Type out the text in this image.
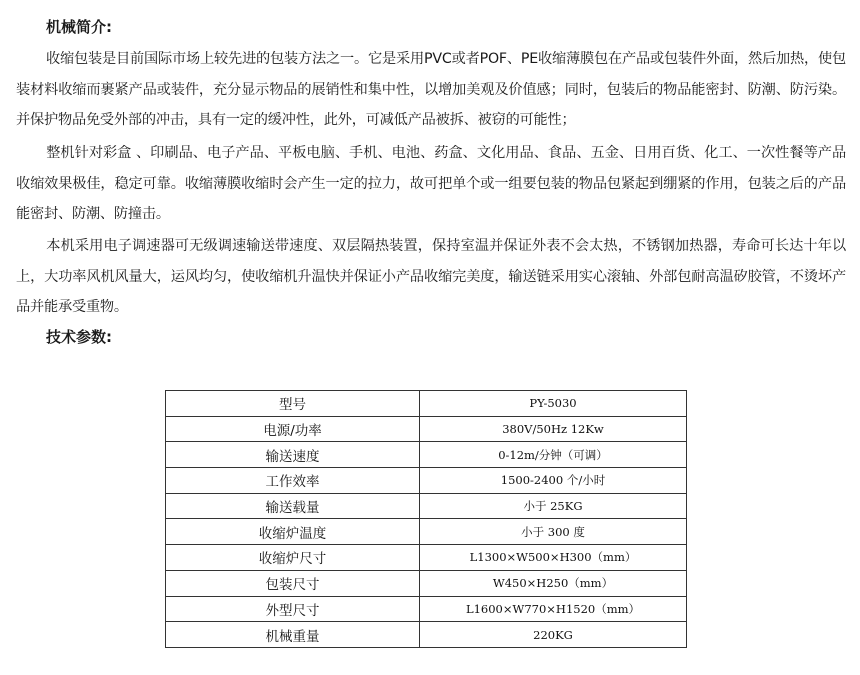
机械简介:

收缩包装是目前国际市场上较先进的包装方法之一。它是采用PVC或者POF、PE收缩薄膜包在产品或包装件外面，然后加热，使包装材料收缩而裹紧产品或装件，充分显示物品的展销性和集中性，以增加美观及价值感；同时，包装后的物品能密封、防潮、防污染。并保护物品免受外部的冲击，具有一定的缓冲性，此外，可减低产品被拆、被窃的可能性；

整机针对彩盒 、印刷品、电子产品、平板电脑、手机、电池、药盒、文化用品、食品、五金、日用百货、化工、一次性餐等产品收缩效果极佳，稳定可靠。收缩薄膜收缩时会产生一定的拉力，故可把单个或一组要包装的物品包紧起到绷紧的作用，包装之后的产品能密封、防潮、防撞击。

本机采用电子调速器可无级调速输送带速度、双层隔热装置，保持室温并保证外表不会太热，不锈钢加热器，寿命可长达十年以上，大功率风机风量大，运风均匀，使收缩机升温快并保证小产品收缩完美度，输送链采用实心滚轴、外部包耐高温矽胶管，不烫坏产品并能承受重物。

技术参数:
型号	PY-5030
电源/功率	380V/50Hz 12Kw
输送速度	0-12m/分钟（可调）
工作效率	1500-2400 个/小时
输送载量	小于 25KG
收缩炉温度	小于 300 度
收缩炉尺寸	L1300×W500×H300（mm）
包装尺寸	W450×H250（mm）
外型尺寸	L1600×W770×H1520（mm）
机械重量	220KG
